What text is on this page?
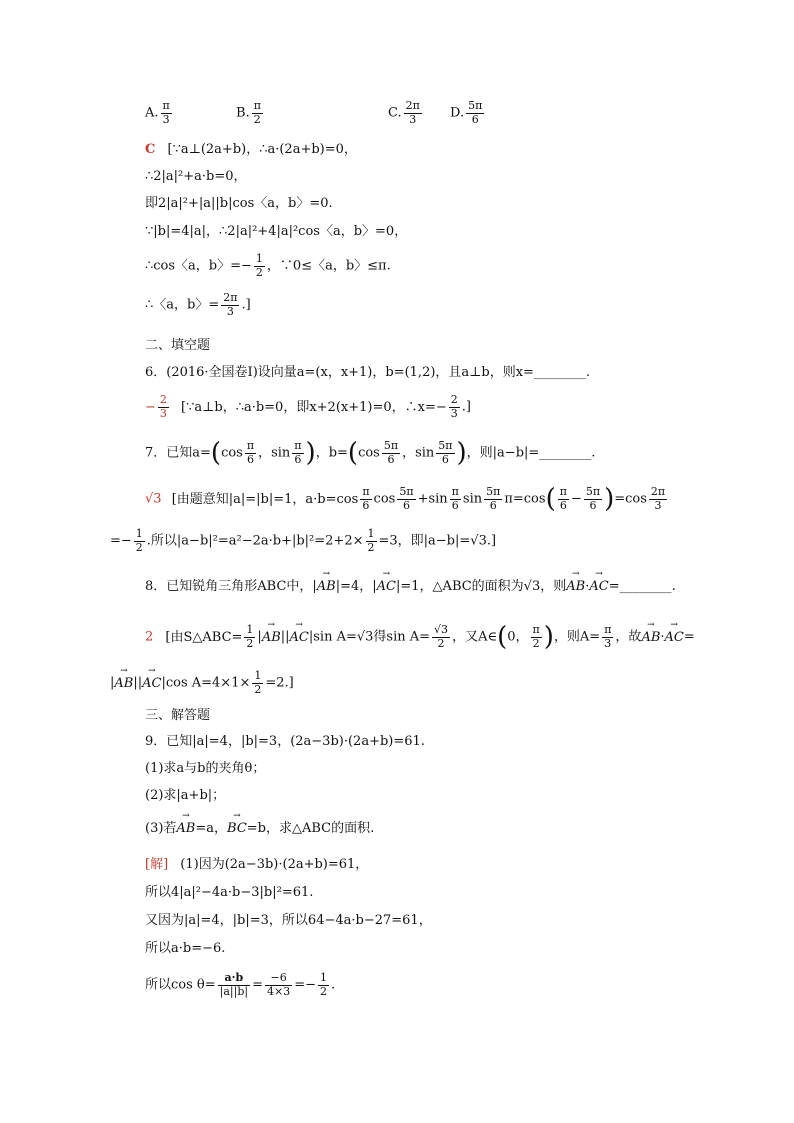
A. $\frac{\pi}{3}$	B. $\frac{\pi}{2}$	C. $\frac{2\pi}{3} D$. $\frac{5\pi}{6}$
C [∵a⊥(2a+b)，∴a·(2a+b)=0，
∴2|a|²+a·b=0，
即2|a|²+|a||b|cos〈a，b〉=0.
∵|b|=4|a|，∴2|a|²+4|a|²cos〈a，b〉=0，
∴cos〈a，b〉=− $\frac{1}{2}$ ，∵0≤〈a，b〉≤π.
∴〈a，b〉= $\frac{2\pi}{3}$ .]
二、填空题
6．(2016·全国卷Ⅰ)设向量a=(x，x+1)，b=(1,2)，且a⊥b，则x=________.
− $\frac{2}{3}$ [∵a⊥b，∴a·b=0，即x+2(x+1)=0，∴x=− $\frac{2}{3}$ .]
7．已知$a=(\cos \frac{\pi}{6}$ ，$\sin \frac{\pi}{6}$ )，$b=(\cos \frac{5\pi}{6}$ ，$\sin \frac{5\pi}{6}$ )，则|a−b|=________.
√3 [由题意知|a|=|b|=1，$a\cdot b=\cos \frac{\pi}{6}$ $\cos \frac{5\pi}{6} +\sin \frac{\pi}{6}$ $\sin \frac{5\pi}{6} \pi=\cos( \frac{\pi}{6} - \frac{5\pi}{6} )=\cos \frac{2\pi}{3}$
=− $\frac{1}{2}$ .所以$|a-b|^2=a^2-2a\cdot b+|b|^2=2+2\times \frac{1}{2} =3$，即|a−b|=√3.]
8．已知锐角三角形ABC中，|→ AB|=4，|→ AC|=1，△ABC的面积为√3，则→ AB·→ AC=________.
2 [由S△ABC= $\frac{1}{2}$ |→ AB||→ AC|sin A=√3得$\sin A= \frac{√3}{2}$ ，又A∈(0， $\frac{\pi}{2}$ )，则$A= \frac{\pi}{3}$ ，故→ AB·→ AC=
|→ AB||→ AC|cos $A=4\times 1\times \frac{1}{2} =2$.]
三、解答题
9．已知|a|=4，|b|=3，(2a−3b)·(2a+b)=61.
(1)求a与b的夹角θ；
(2)求|a+b|；
(3)若→ AB=a，→ BC=b，求△ABC的面积.
[解] (1)因为(2a−3b)·(2a+b)=61，
所以4|a|²−4a·b−3|b|²=61.
又因为|a|=4，|b|=3，所以64−4a·b−27=61，
所以a·b=−6.
所以$\cos \theta= \frac{a\cdot b}{|a||b|} = \frac{-6}{4\times 3} =- \frac{1}{2}$ .
